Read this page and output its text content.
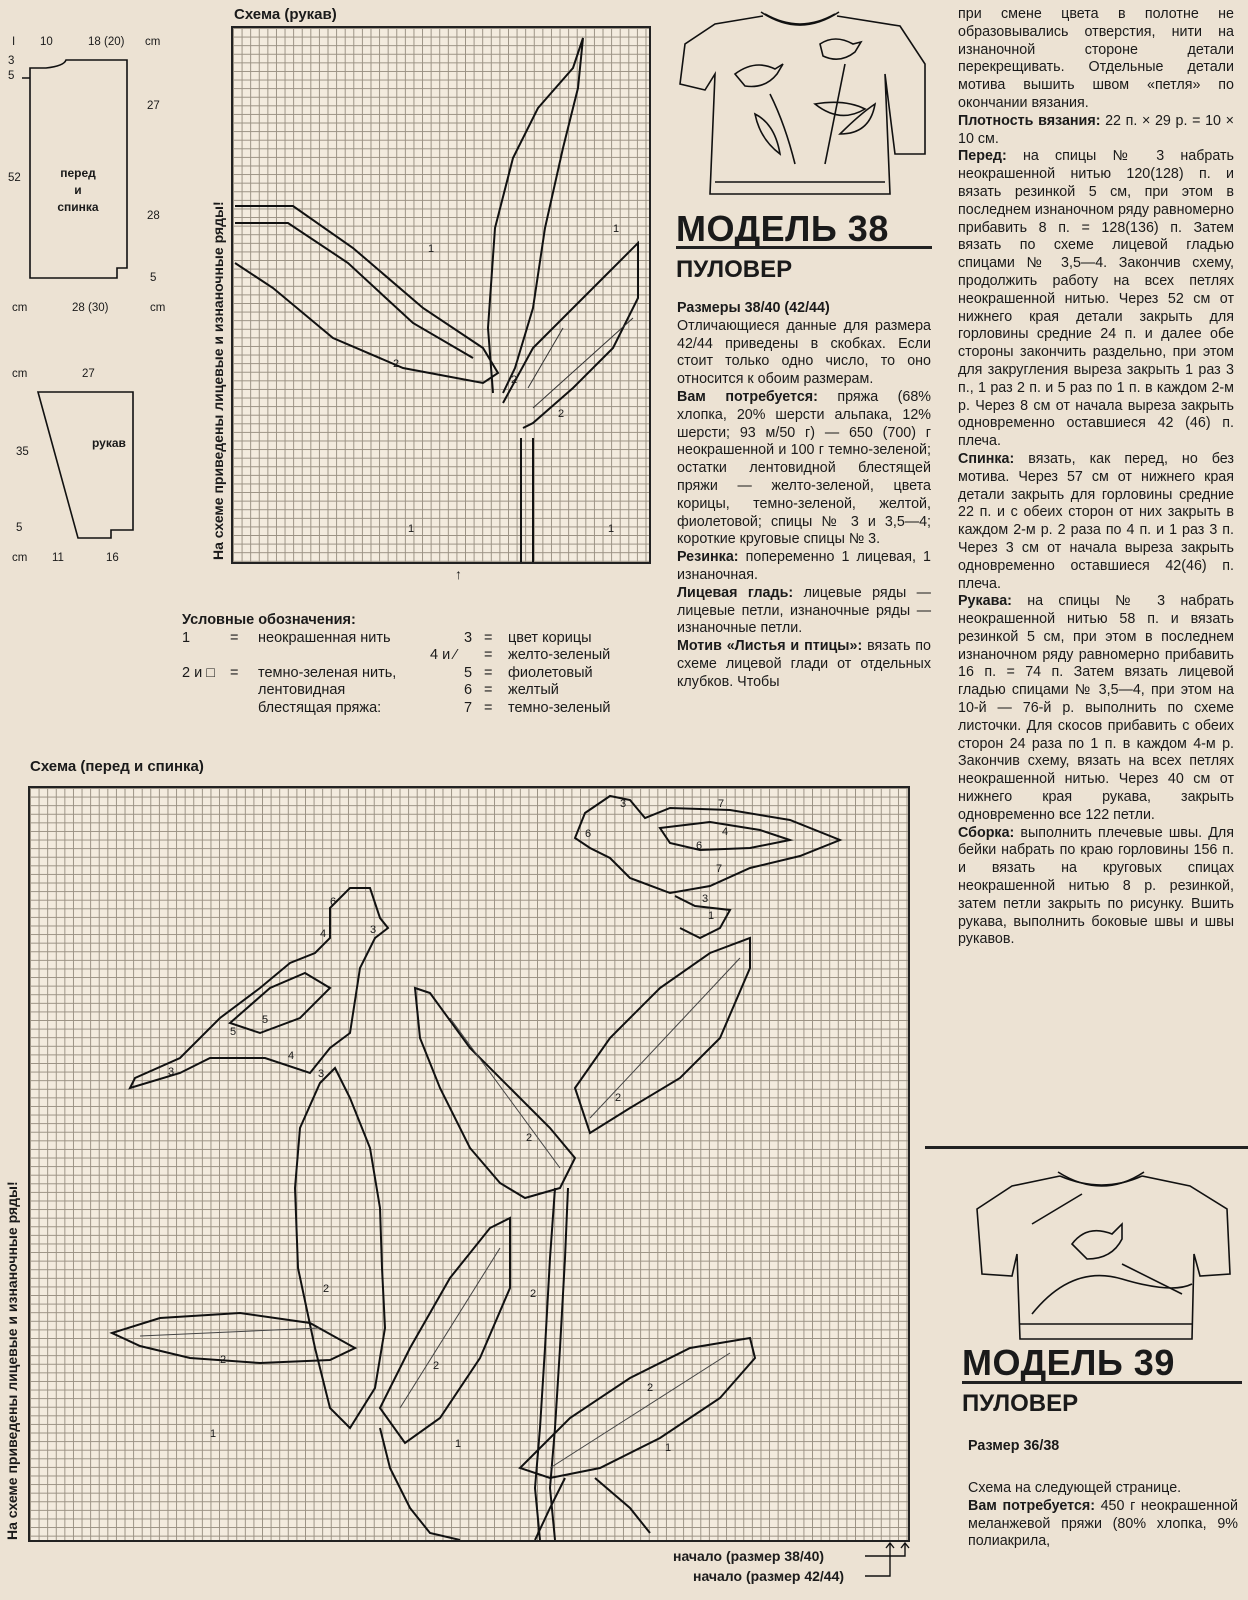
I 10	18 (20) cm
3
5
52
27
28
5
cm	28 (30)	cm
перед
и
спинка
cm	27
35
5
cm 11	16
рукав
Схема (рукав)
На схеме приведены лицевые и изнаночные ряды!	1
1
2
2
1	1
2
↑
МОДЕЛЬ 38
ПУЛОВЕР

Размеры 38/40 (42/44)

Отличающиеся данные для размера 42/44 приведены в скобках. Если стоит только одно число, то оно относится к обоим размерам.

Вам потребуется: пряжа (68% хлопка, 20% шерсти альпака, 12% шерсти; 93 м/50 г) — 650 (700) г неокрашенной и 100 г темно-зеленой; остатки лентовидной блестящей пряжи — желто-зеленой, цвета корицы, темно-зеленой, желтой, фиолетовой; спицы № 3 и 3,5—4; короткие круговые спицы № 3.

Резинка: попеременно 1 лицевая, 1 изнаночная.

Лицевая гладь: лицевые ряды — лицевые петли, изнаночные ряды — изнаночные петли.

Мотив «Листья и птицы»: вязать по схеме лицевой глади от отдельных клубков. Чтобы

при смене цвета в полотне не образовывались отверстия, нити на изнаночной стороне детали перекрещивать. Отдельные детали мотива вышить швом «петля» по окончании вязания.

Плотность вязания: 22 п. × 29 р. = 10 × 10 см.

Перед: на спицы № 3 набрать неокрашенной нитью 120(128) п. и вязать резинкой 5 см, при этом в последнем изнаночном ряду равномерно прибавить 8 п. = 128(136) п. Затем вязать по схеме лицевой гладью спицами № 3,5—4. Закончив схему, продолжить работу на всех петлях неокрашенной нитью. Через 52 см от нижнего края детали закрыть для горловины средние 24 п. и далее обе стороны закончить раздельно, при этом для закругления выреза закрыть 1 раз 3 п., 1 раз 2 п. и 5 раз по 1 п. в каждом 2-м р. Через 8 см от начала выреза закрыть одновременно оставшиеся 42 (46) п. плеча.

Спинка: вязать, как перед, но без мотива. Через 57 см от нижнего края детали закрыть для горловины средние 22 п. и с обеих сторон от них закрыть в каждом 2-м р. 2 раза по 4 п. и 1 раз 3 п. Через 3 см от начала выреза закрыть одновременно оставшиеся 42(46) п. плеча.

Рукава: на спицы № 3 набрать неокрашенной нитью 58 п. и вязать резинкой 5 см, при этом в последнем изнаночном ряду равномерно прибавить 16 п. = 74 п. Затем вязать лицевой гладью спицами № 3,5—4, при этом на 10-й — 76-й р. выполнить по схеме листочки. Для скосов прибавить с обеих сторон 24 раза по 1 п. в каждом 4-м р. Закончив схему, вязать на всех петлях неокрашенной нитью. Через 40 см от нижнего края рукава, закрыть одновременно все 122 петли.

Сборка: выполнить плечевые швы. Для бейки набрать по краю горловины 156 п. и вязать на круговых спицах неокрашенной нитью 8 р. резинкой, затем петли закрыть по рисунку. Вшить рукава, выполнить боковые швы и швы рукавов.

Условные обозначения:
1	= неокрашенная нить
2 и □ = темно-зеленая нить, лентовидная блестящая пряжа:
3 = цвет корицы
4 и ⁄ = желто-зеленый
5 = фиолетовый
6 = желтый
7 = темно-зеленый
Схема (перед и спинка)
На схеме приведены лицевые и изнаночные ряды!
3
6
7
4
6
7
3
1
6
5
4
3
5
4
3
3
2
2
2
2	2
2
2
1
1	1
начало (размер 38/40)
начало (размер 42/44)
МОДЕЛЬ 39
ПУЛОВЕР
Размер 36/38

Схема на следующей странице.

Вам потребуется: 450 г неокрашенной меланжевой пряжи (80% хлопка, 9% полиакрила,
